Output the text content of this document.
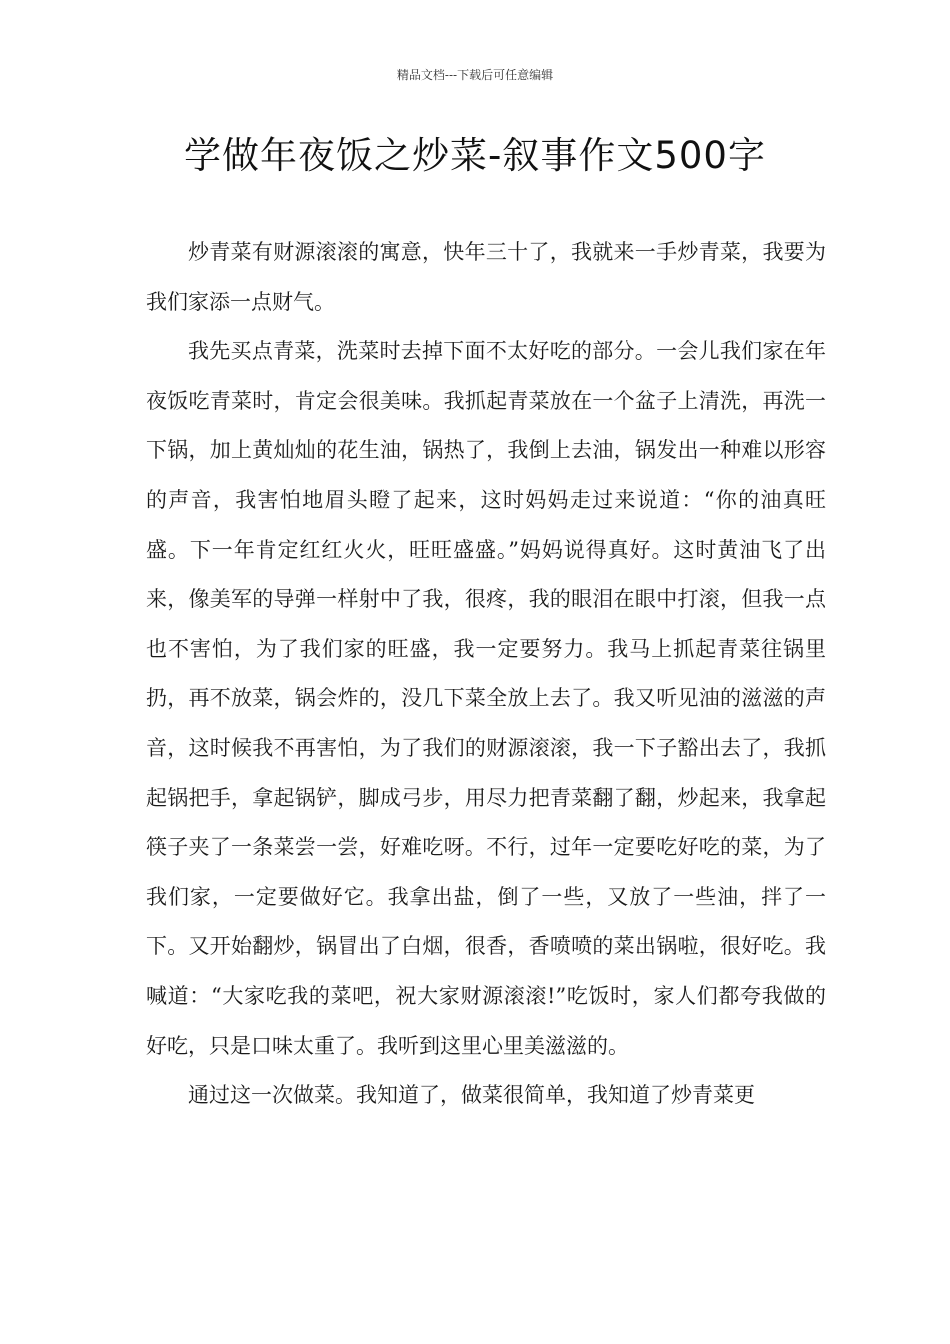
精品文档---下载后可任意编辑
学做年夜饭之炒菜-叙事作文500字

炒青菜有财源滚滚的寓意，快年三十了，我就来一手炒青菜，我要为我们家添一点财气。

我先买点青菜，洗菜时去掉下面不太好吃的部分。一会儿我们家在年夜饭吃青菜时，肯定会很美味。我抓起青菜放在一个盆子上清洗，再洗一下锅，加上黄灿灿的花生油，锅热了，我倒上去油，锅发出一种难以形容的声音，我害怕地眉头瞪了起来，这时妈妈走过来说道：“你的油真旺盛。下一年肯定红红火火，旺旺盛盛。”妈妈说得真好。这时黄油飞了出来，像美军的导弹一样射中了我，很疼，我的眼泪在眼中打滚，但我一点也不害怕，为了我们家的旺盛，我一定要努力。我马上抓起青菜往锅里扔，再不放菜，锅会炸的，没几下菜全放上去了。我又听见油的滋滋的声音，这时候我不再害怕，为了我们的财源滚滚，我一下子豁出去了，我抓起锅把手，拿起锅铲，脚成弓步，用尽力把青菜翻了翻，炒起来，我拿起筷子夹了一条菜尝一尝，好难吃呀。不行，过年一定要吃好吃的菜，为了我们家，一定要做好它。我拿出盐，倒了一些，又放了一些油，拌了一下。又开始翻炒，锅冒出了白烟，很香，香喷喷的菜出锅啦，很好吃。我喊道：“大家吃我的菜吧，祝大家财源滚滚!”吃饭时，家人们都夸我做的好吃，只是口味太重了。我听到这里心里美滋滋的。

通过这一次做菜。我知道了，做菜很简单，我知道了炒青菜更
